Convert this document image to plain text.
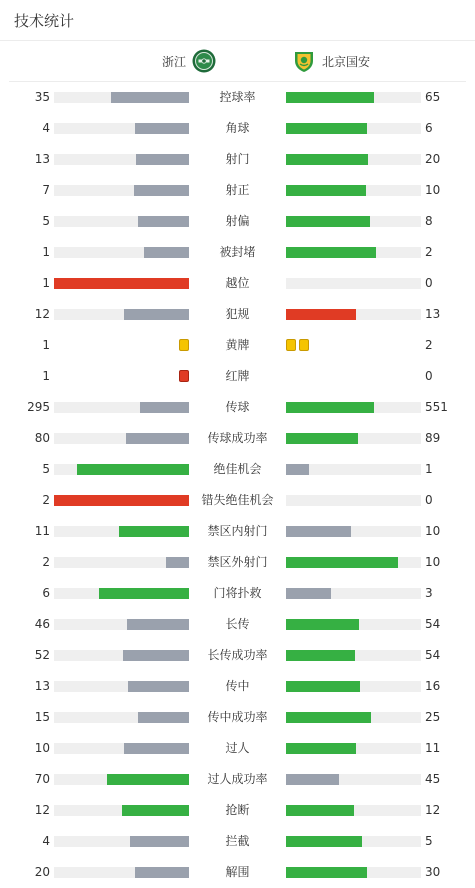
技术统计
浙江	北京国安
35	控球率	65
4	角球	6
13	射门	20
7	射正	10
5	射偏	8
1	被封堵	2
1	越位	0
12	犯规	13
1	黄牌	2
1	红牌	0
295	传球	551
80	传球成功率	89
5	绝佳机会	1
2	错失绝佳机会	0
11	禁区内射门	10
2	禁区外射门	10
6	门将扑救	3
46	长传	54
52	长传成功率	54
13	传中	16
15	传中成功率	25
10	过人	11
70	过人成功率	45
12	抢断	12
4	拦截	5
20	解围	30
